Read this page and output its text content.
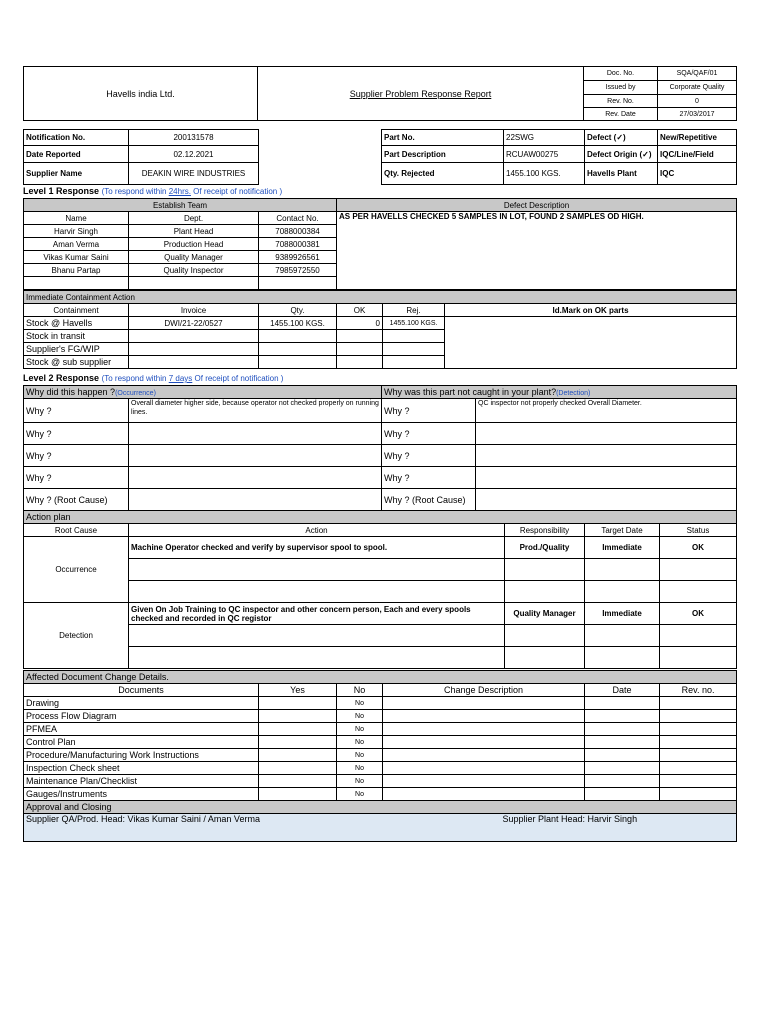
Havells india Ltd.	Supplier Problem Response Report	Doc. No.	SQA/QAF/01
		Issued by	Corporate Quality
		Rev. No.	0
		Rev. Date	27/03/2017
Notification No.	200131578
Date Reported	02.12.2021
Supplier Name	DEAKIN WIRE INDUSTRIES
Part No.	22SWG	Defect (✓)	New/Repetitive
Part Description	RCUAW00275	Defect Origin (✓)	IQC/Line/Field
Qty. Rejected	1455.100 KGS.	Havells Plant	IQC
Level 1 Response (To respond within 24hrs. Of receipt of notification )
Establish Team			Defect Description
Name	Dept.	Contact No.	AS PER HAVELLS CHECKED 5 SAMPLES IN LOT, FOUND 2 SAMPLES OD HIGH.
Harvir Singh	Plant Head	7088000384	
Aman Verma	Production Head	7088000381	
Vikas Kumar Saini	Quality Manager	9389926561	
Bhanu Partap	Quality Inspector	7985972550	

Immediate Containment Action					
Containment	Invoice	Qty.	OK	Rej.	Id.Mark on OK parts
Stock @ Havells	DWI/21-22/0527	1455.100 KGS.	0	1455.100 KGS.	
Stock in transit					
Supplier's FG/WIP					
Stock @ sub supplier					
Level 2 Response (To respond within 7 days Of receipt of notification )
Why did this happen ?(Occurrence)		Why was this part not caught in your plant?(Detection)	
Why ?	Overall diameter higher side, because operator not checked properly on running lines.	Why ?	QC inspector not properly checked Overall Diameter.
Why ?		Why ?	
Why ?		Why ?	
Why ?		Why ?	
Why ? (Root Cause)		Why ? (Root Cause)	
Action plan				
Root Cause	Action	Responsibility	Target Date	Status
Occurrence	Machine Operator checked and verify by supervisor spool to spool.	Prod./Quality	Immediate	OK

Detection	Given On Job Training to QC inspector and other concern person, Each and every spools checked and recorded in QC registor	Quality Manager	Immediate	OK

Affected Document Change Details.					
Documents	Yes	No	Change Description	Date	Rev. no.
Drawing		No			
Process Flow Diagram		No			
PFMEA		No			
Control Plan		No			
Procedure/Manufacturing Work Instructions		No			
Inspection Check sheet		No			
Maintenance Plan/Checklist		No			
Gauges/Instruments		No			
Approval and Closing
Supplier QA/Prod. Head: Vikas Kumar Saini / Aman Verma	Supplier Plant Head: Harvir Singh
